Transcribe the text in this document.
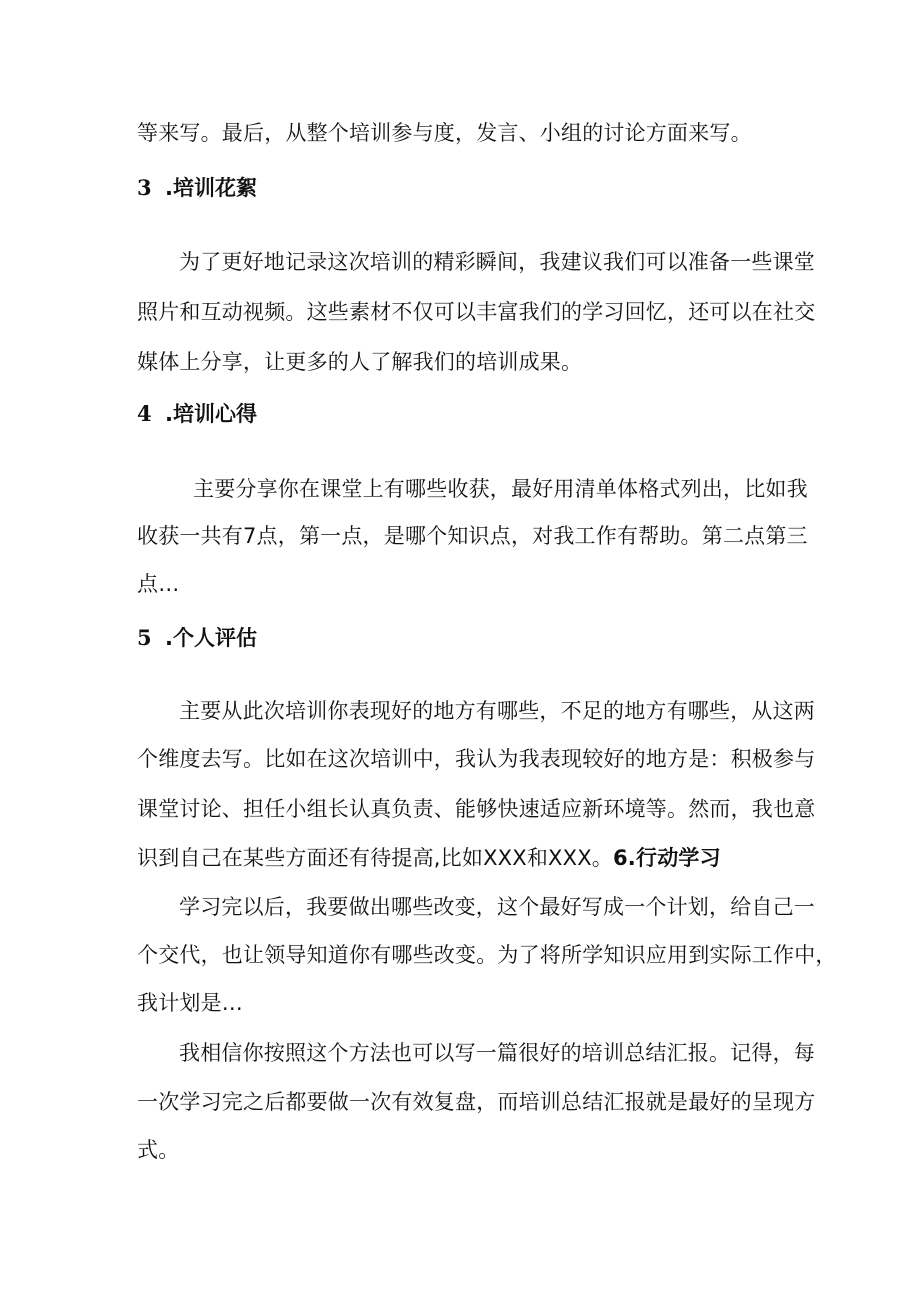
等来写。最后，从整个培训参与度，发言、小组的讨论方面来写。
3 .培训花絮
为了更好地记录这次培训的精彩瞬间，我建议我们可以准备一些课堂
照片和互动视频。这些素材不仅可以丰富我们的学习回忆，还可以在社交
媒体上分享，让更多的人了解我们的培训成果。
4 .培训心得
主要分享你在课堂上有哪些收获，最好用清单体格式列出，比如我
收获一共有7点，第一点，是哪个知识点，对我工作有帮助。第二点第三
点…
5 .个人评估
主要从此次培训你表现好的地方有哪些，不足的地方有哪些，从这两
个维度去写。比如在这次培训中，我认为我表现较好的地方是：积极参与
课堂讨论、担任小组长认真负责、能够快速适应新环境等。然而，我也意
识到自己在某些方面还有待提高,比如XXX和XXX。6.行动学习
学习完以后，我要做出哪些改变，这个最好写成一个计划，给自己一
个交代，也让领导知道你有哪些改变。为了将所学知识应用到实际工作中，
我计划是…
我相信你按照这个方法也可以写一篇很好的培训总结汇报。记得，每
一次学习完之后都要做一次有效复盘，而培训总结汇报就是最好的呈现方
式。
